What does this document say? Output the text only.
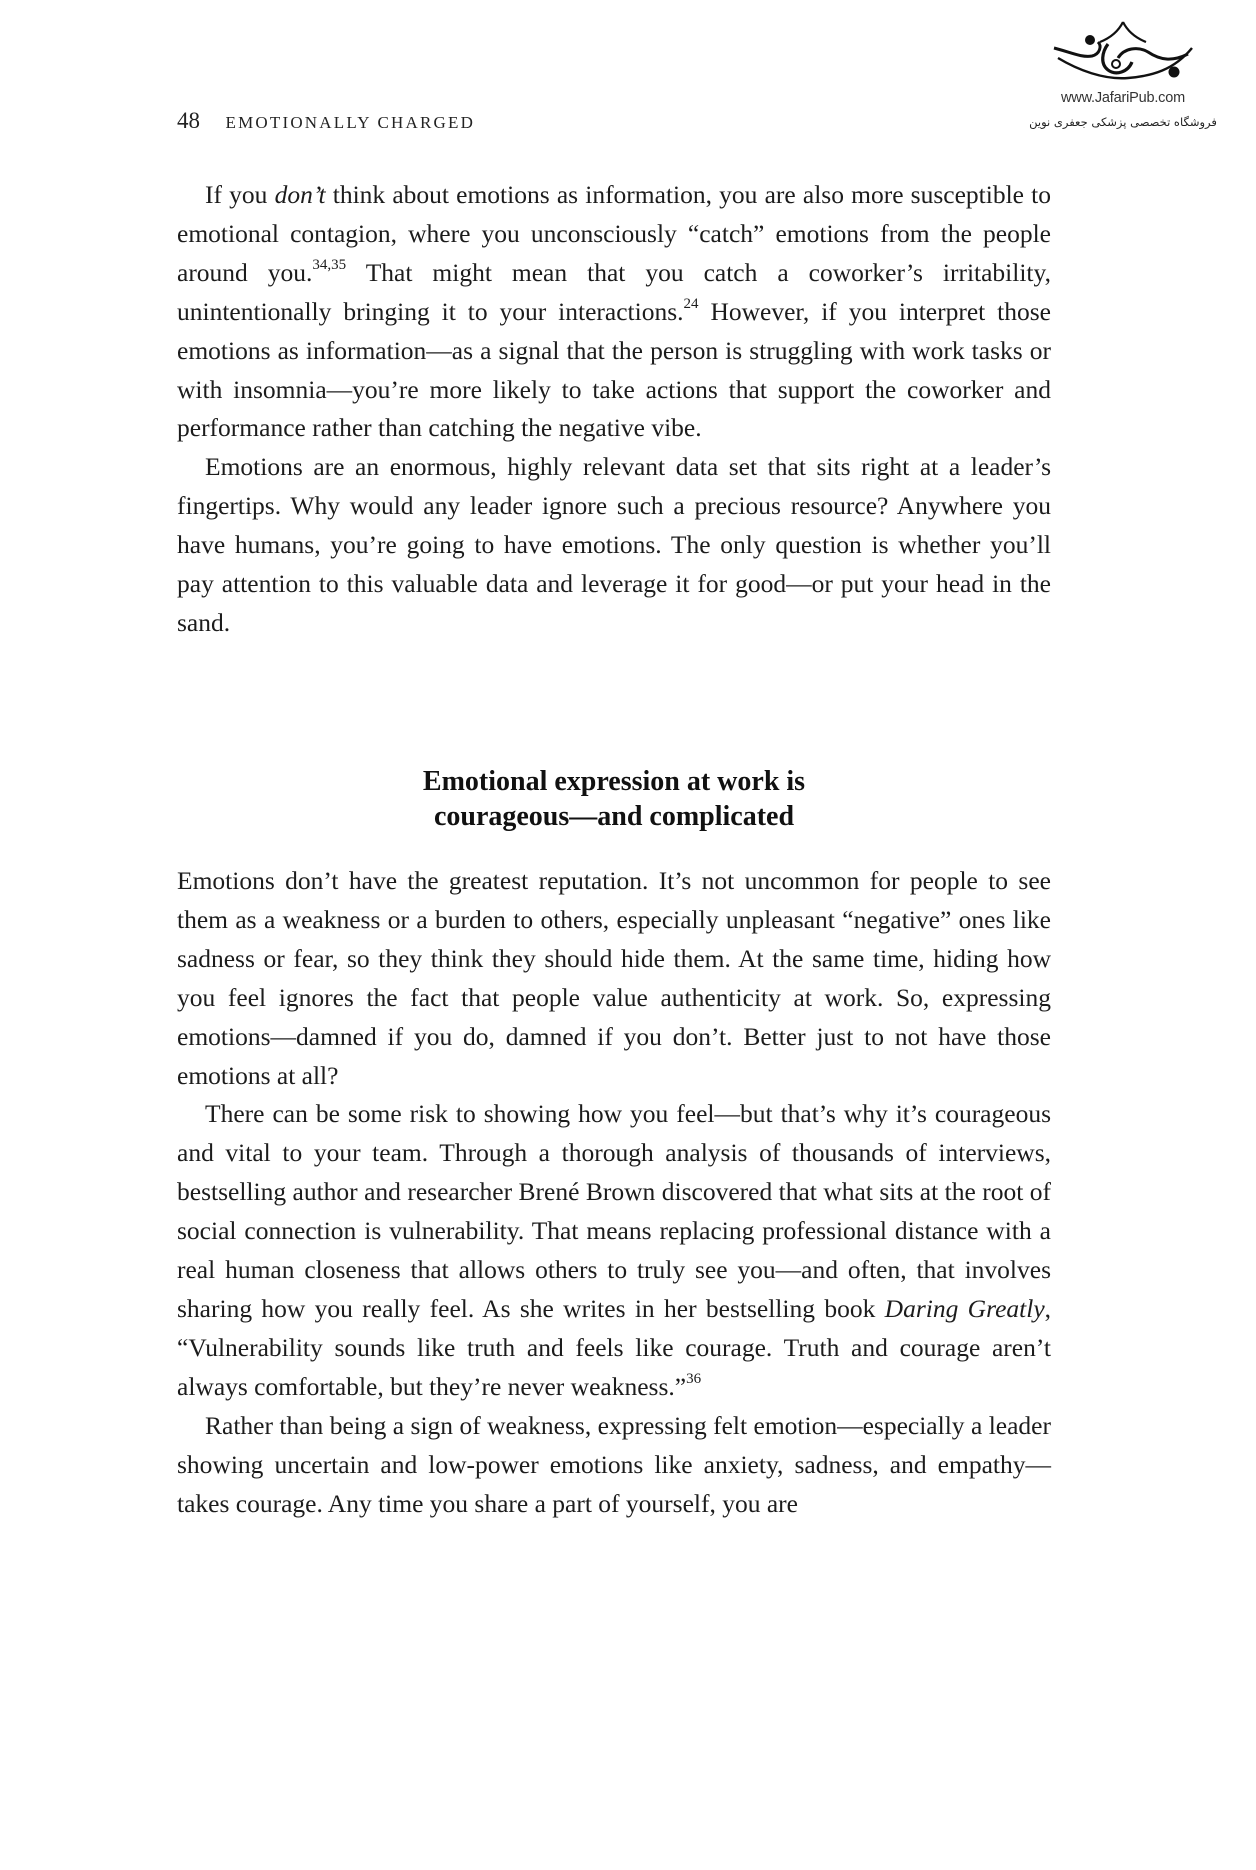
48 EMOTIONALLY CHARGED
www.JafariPub.com
فروشگاه تخصصی پزشکی جعفری نوین

If you don’t think about emotions as information, you are also more susceptible to emotional contagion, where you unconsciously “catch” emotions from the people around you.$^{34,35}$ That might mean that you catch a coworker’s irritability, unintentionally bringing it to your interactions.$^{24}$ However, if you interpret those emotions as information—as a signal that the person is struggling with work tasks or with insomnia—you’re more likely to take actions that support the coworker and performance rather than catching the negative vibe.

Emotions are an enormous, highly relevant data set that sits right at a leader’s fingertips. Why would any leader ignore such a precious resource? Anywhere you have humans, you’re going to have emotions. The only question is whether you’ll pay attention to this valuable data and leverage it for good—or put your head in the sand.

Emotional expression at work is
courageous—and complicated

Emotions don’t have the greatest reputation. It’s not uncommon for people to see them as a weakness or a burden to others, especially unpleasant “negative” ones like sadness or fear, so they think they should hide them. At the same time, hiding how you feel ignores the fact that people value authenticity at work. So, expressing emotions—damned if you do, damned if you don’t. Better just to not have those emotions at all?

There can be some risk to showing how you feel—but that’s why it’s courageous and vital to your team. Through a thorough analysis of thousands of interviews, bestselling author and researcher Brené Brown discovered that what sits at the root of social connection is vulnerability. That means replacing professional distance with a real human closeness that allows others to truly see you—and often, that involves sharing how you really feel. As she writes in her bestselling book Daring Greatly, “Vulnerability sounds like truth and feels like courage. Truth and courage aren’t always comfortable, but they’re never weakness.”$^{36}$

Rather than being a sign of weakness, expressing felt emotion—especially a leader showing uncertain and low-power emotions like anxiety, sadness, and empathy—takes courage. Any time you share a part of yourself, you are
